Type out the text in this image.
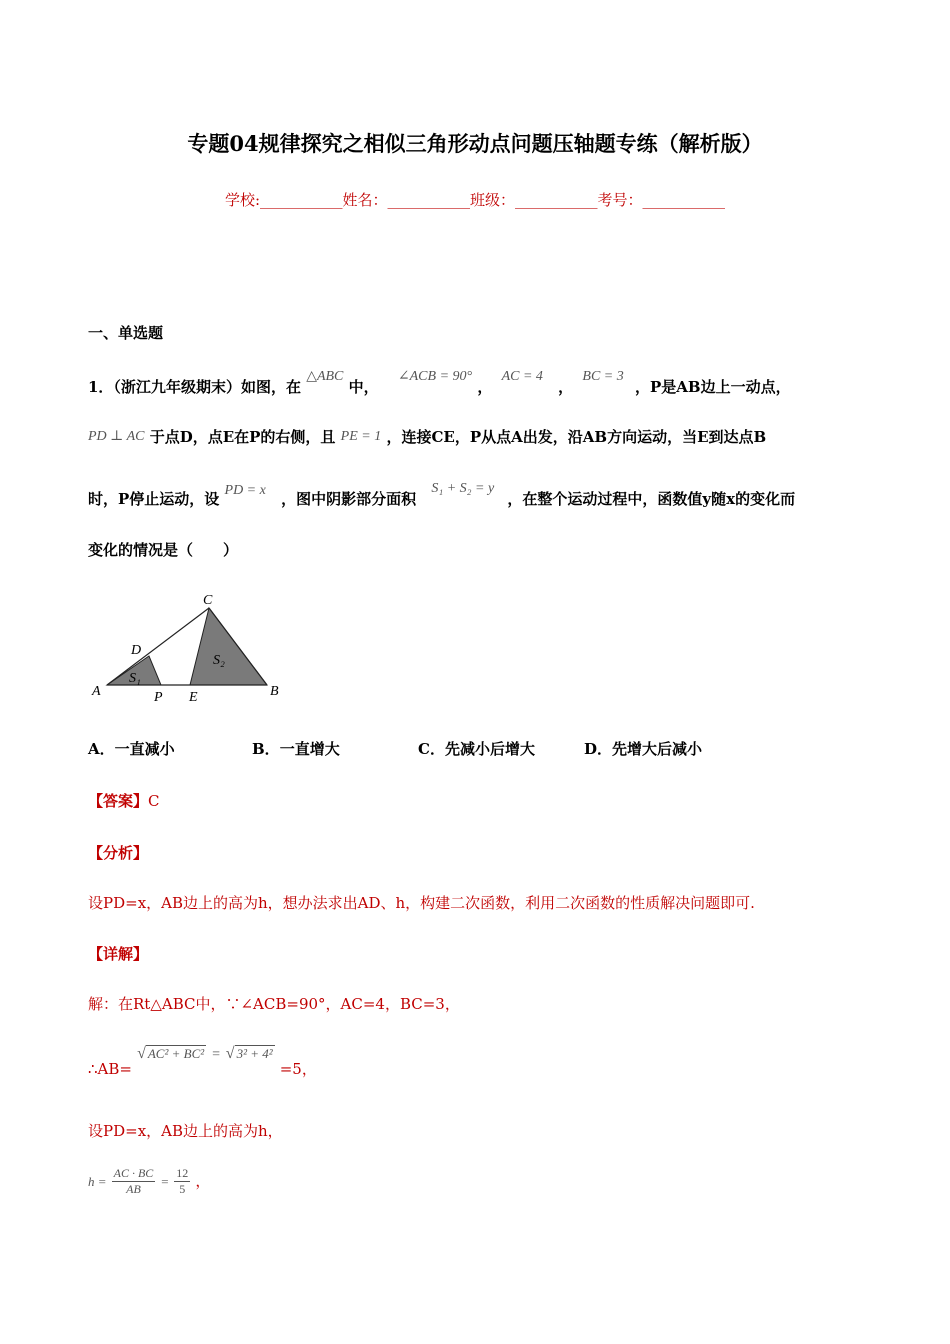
专题04规律探究之相似三角形动点问题压轴题专练（解析版）
学校:___________姓名：___________班级：___________考号：___________
一、单选题
1．（浙江九年级期末）如图，在 △ABC 中， ∠ACB = 90° ， AC = 4 ， BC = 3 ，P是AB边上一动点，
PD ⊥ AC 于点D，点E在P的右侧，且 PE = 1 ，连接CE，P从点A出发，沿AB方向运动，当E到达点B
时，P停止运动，设 PD = x ，图中阴影部分面积 S₁ + S₂ = y ，在整个运动过程中，函数值y随x的变化而
变化的情况是（　　）
A	B
C
D
P E
S₁
S₂
A．一直减小	B．一直增大	C．先减小后增大	D．先增大后减小
【答案】C
【分析】
设PD=x，AB边上的高为h，想办法求出AD、h，构建二次函数，利用二次函数的性质解决问题即可.
【详解】
解：在Rt△ABC中，∵∠ACB=90°，AC=4，BC=3，
∴AB= √ AC² + BC² = √ 3² + 4² =5，
设PD=x，AB边上的高为h，
$h = \frac{AC \cdot BC}{AB} = \frac{12}{5}$ ，
